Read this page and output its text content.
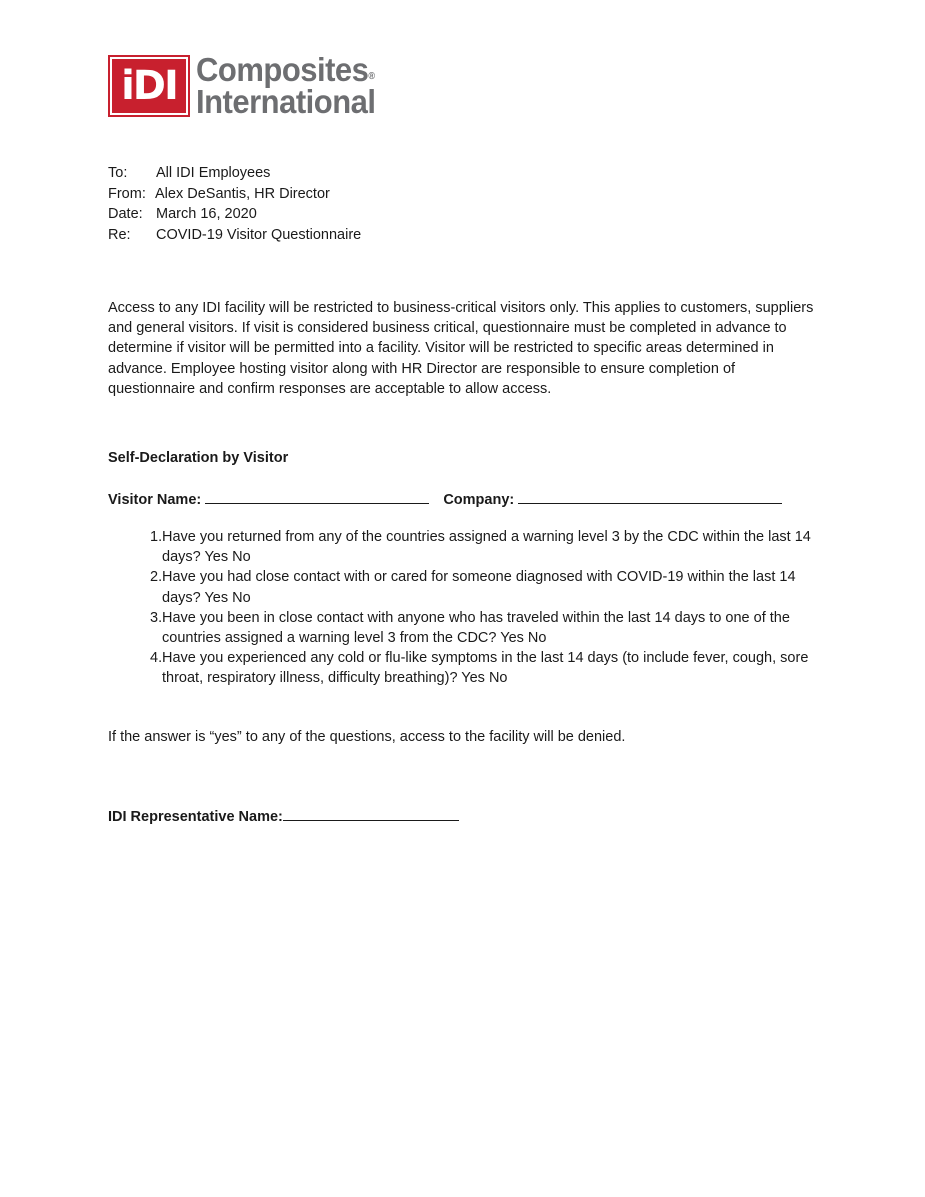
iDI Composites®
International
To:	All IDI Employees
From: Alex DeSantis, HR Director
Date: March 16, 2020
Re:	COVID-19 Visitor Questionnaire

Access to any IDI facility will be restricted to business-critical visitors only. This applies to customers, suppliers and general visitors. If visit is considered business critical, questionnaire must be completed in advance to determine if visitor will be permitted into a facility. Visitor will be restricted to specific areas determined in advance. Employee hosting visitor along with HR Director are responsible to ensure completion of questionnaire and confirm responses are acceptable to allow access.

Self-Declaration by Visitor
Visitor Name:	Company:
1. Have you returned from any of the countries assigned a warning level 3 by the CDC within the last 14 days? Yes No
2. Have you had close contact with or cared for someone diagnosed with COVID-19 within the last 14 days? Yes No
3. Have you been in close contact with anyone who has traveled within the last 14 days to one of the countries assigned a warning level 3 from the CDC? Yes No
4. Have you experienced any cold or flu-like symptoms in the last 14 days (to include fever, cough, sore throat, respiratory illness, difficulty breathing)? Yes No
If the answer is “yes” to any of the questions, access to the facility will be denied.
IDI Representative Name:
